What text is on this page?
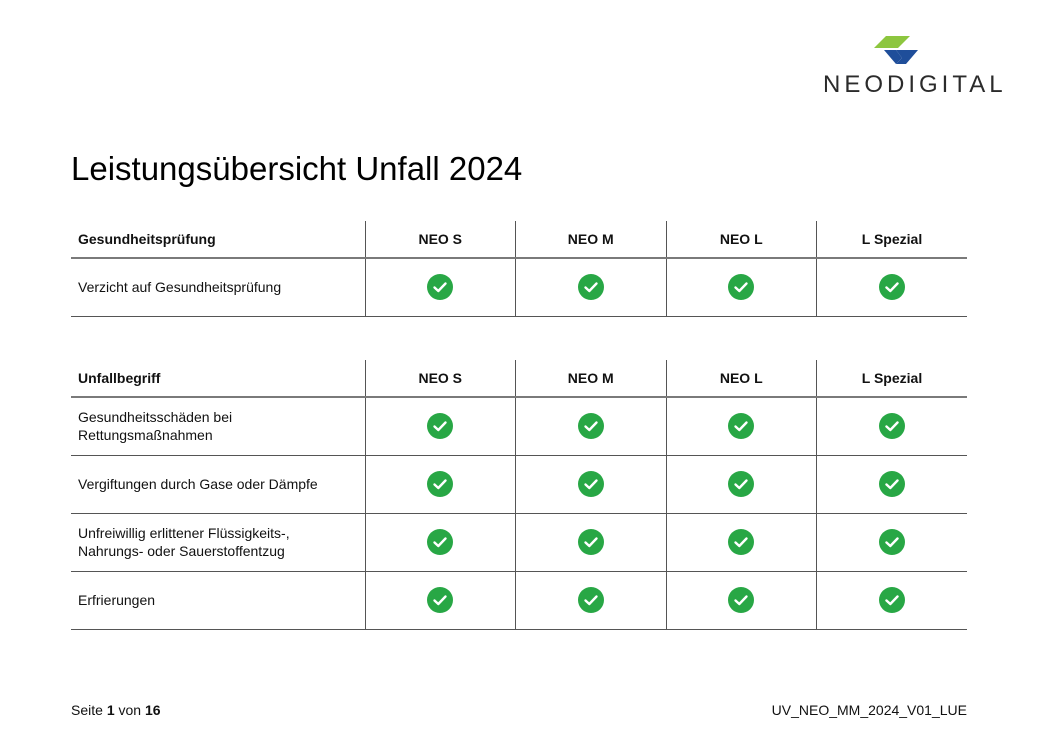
NEODIGITAL
Leistungsübersicht Unfall 2024
Gesundheitsprüfung	NEO S	NEO M	NEO L	L Spezial
Verzicht auf Gesundheitsprüfung	

Unfallbegriff	NEO S	NEO M	NEO L	L Spezial
Gesundheitsschäden bei
Rettungsmaßnahmen	

Vergiftungen durch Gase oder Dämpfe	

Unfreiwillig erlittener Flüssigkeits-,
Nahrungs- oder Sauerstoffentzug	

Erfrierungen	

Seite 1 von 16	UV_NEO_MM_2024_V01_LUE
